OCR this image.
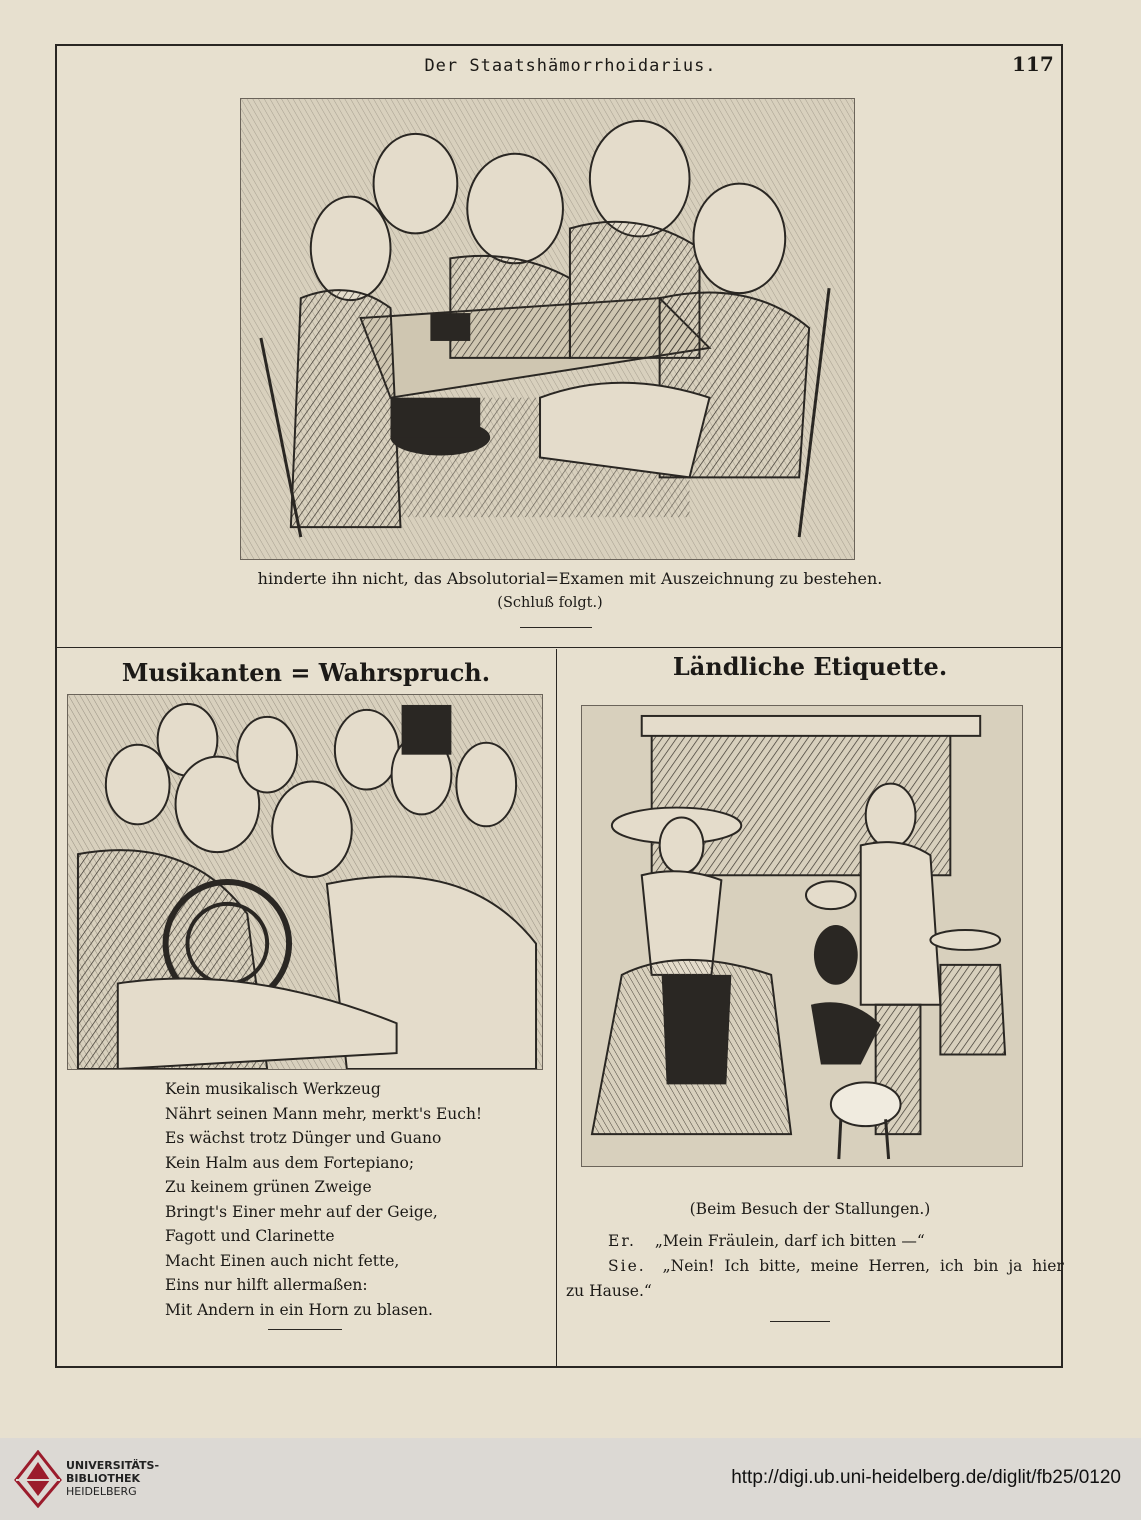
Der Staatshämorrhoidarius.	117
hinderte ihn nicht, das Absolutorial=Examen mit Auszeichnung zu bestehen.
(Schluß folgt.)
Musikanten = Wahrspruch.
Kein musikalisch Werkzeug
Nährt seinen Mann mehr, merkt's Euch!
Es wächst trotz Dünger und Guano
Kein Halm aus dem Fortepiano;
Zu keinem grünen Zweige
Bringt's Einer mehr auf der Geige,
Fagott und Clarinette
Macht Einen auch nicht fette,
Eins nur hilft allermaßen:
Mit Andern in ein Horn zu blasen.
Ländliche Etiquette.
(Beim Besuch der Stallungen.)
Er. „Mein Fräulein, darf ich bitten —“
Sie. „Nein! Ich bitte, meine Herren, ich bin ja hier
zu Hause.“
UNIVERSITÄTS-
BIBLIOTHEK
HEIDELBERG
http://digi.ub.uni-heidelberg.de/diglit/fb25/0120
